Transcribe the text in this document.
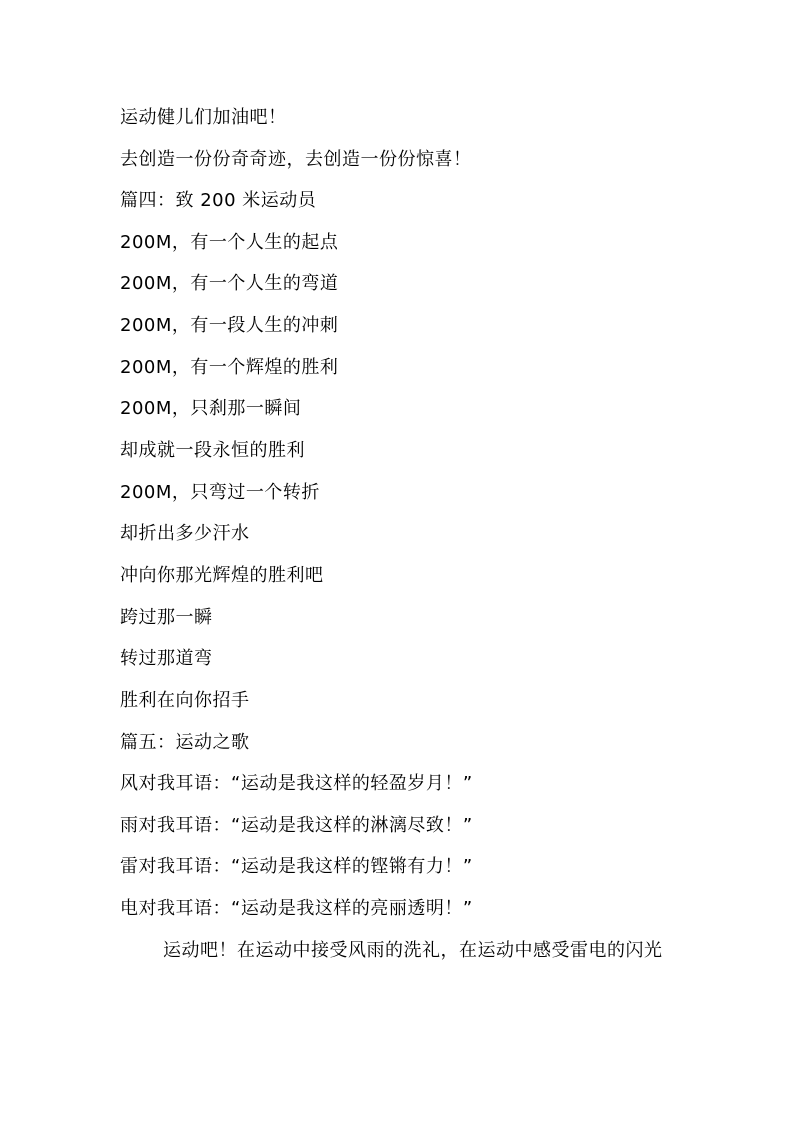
运动健儿们加油吧！
去创造一份份奇奇迹，去创造一份份惊喜！
篇四：致 200 米运动员
200M，有一个人生的起点
200M，有一个人生的弯道
200M，有一段人生的冲刺
200M，有一个辉煌的胜利
200M，只刹那一瞬间
却成就一段永恒的胜利
200M，只弯过一个转折
却折出多少汗水
冲向你那光辉煌的胜利吧
跨过那一瞬
转过那道弯
胜利在向你招手
篇五：运动之歌
风对我耳语：“运动是我这样的轻盈岁月！”
雨对我耳语：“运动是我这样的淋漓尽致！”
雷对我耳语：“运动是我这样的铿锵有力！”
电对我耳语：“运动是我这样的亮丽透明！”
运动吧！在运动中接受风雨的洗礼，在运动中感受雷电的闪光
